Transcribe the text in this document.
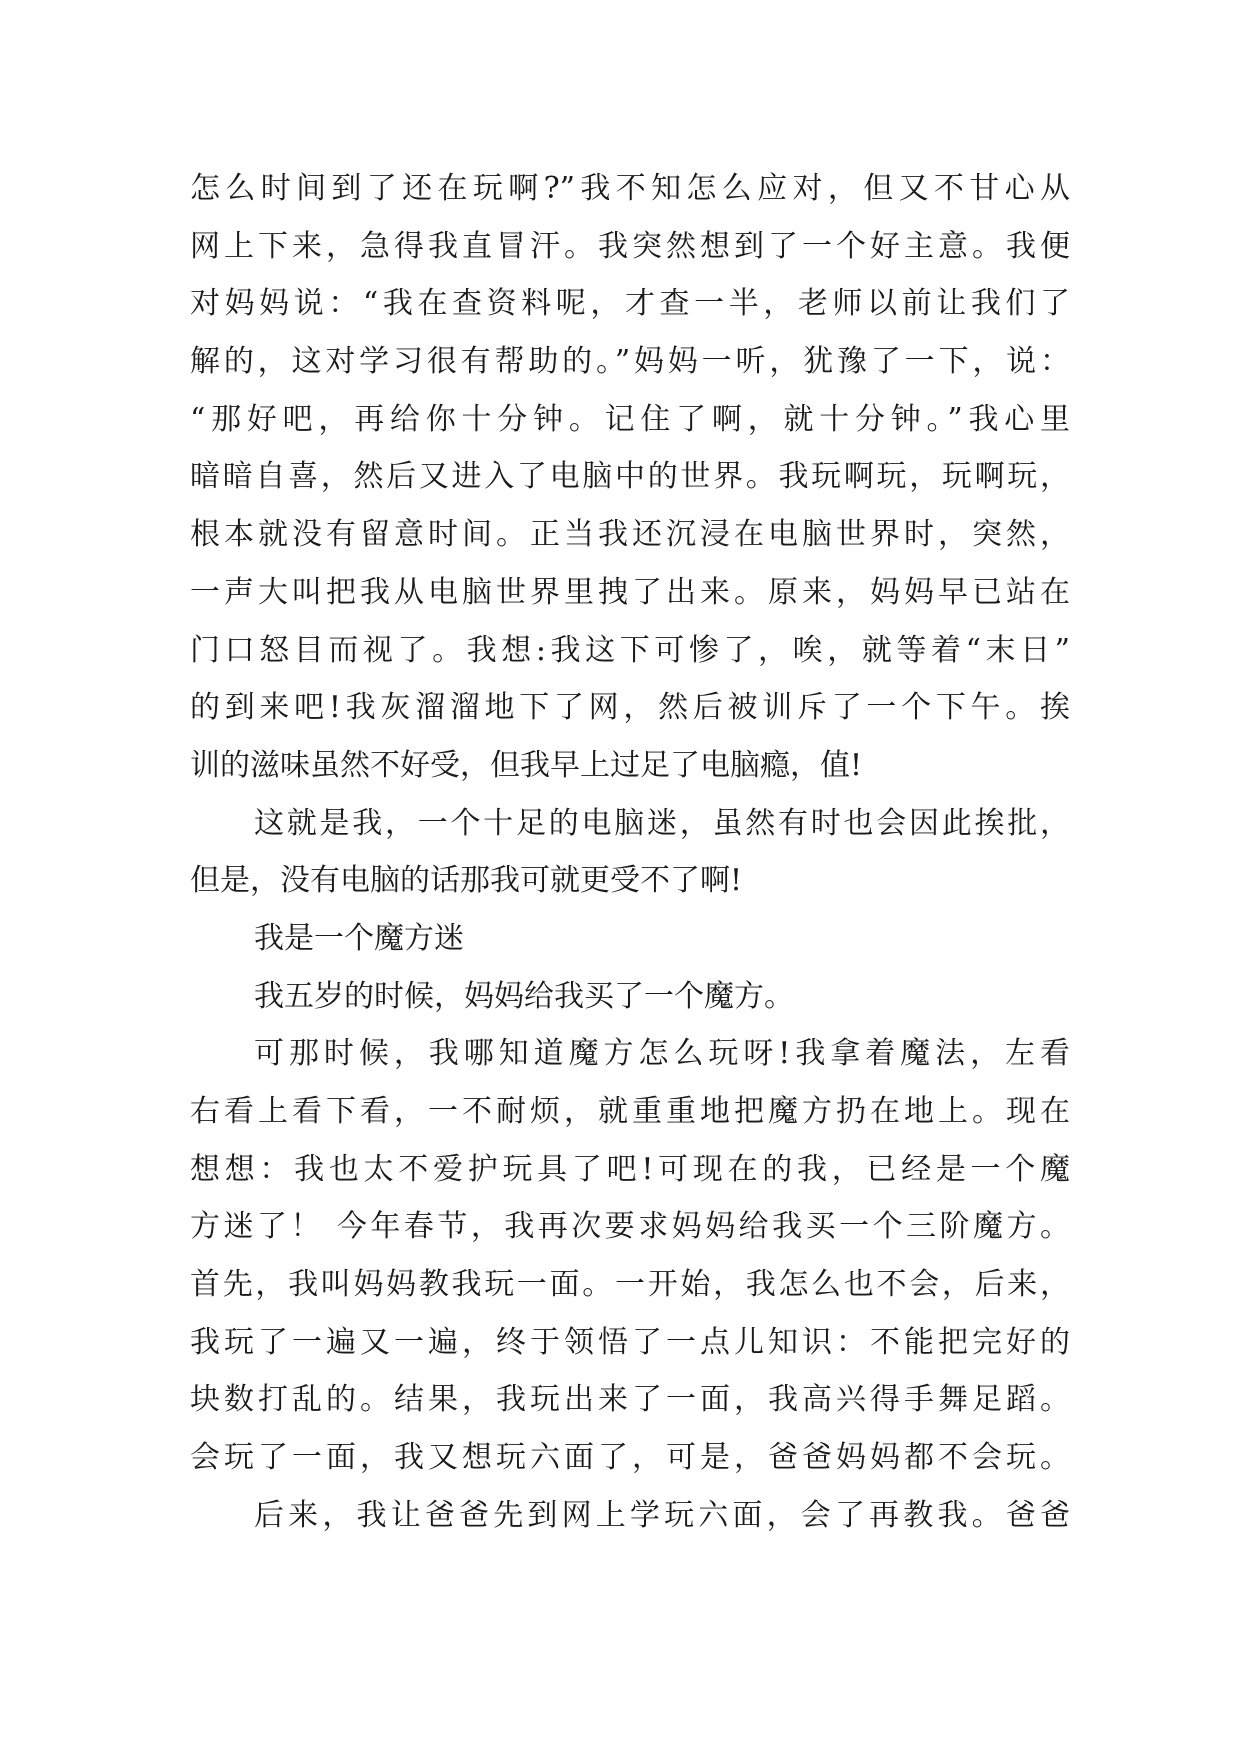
怎么时间到了还在玩啊?”我不知怎么应对，但又不甘心从
网上下来，急得我直冒汗。我突然想到了一个好主意。我便
对妈妈说：“我在查资料呢，才查一半，老师以前让我们了
解的，这对学习很有帮助的。”妈妈一听，犹豫了一下，说：
“那好吧，再给你十分钟。记住了啊，就十分钟。”我心里
暗暗自喜，然后又进入了电脑中的世界。我玩啊玩，玩啊玩，
根本就没有留意时间。正当我还沉浸在电脑世界时，突然，
一声大叫把我从电脑世界里拽了出来。原来，妈妈早已站在
门口怒目而视了。我想:我这下可惨了，唉，就等着“末日”
的到来吧!我灰溜溜地下了网，然后被训斥了一个下午。挨
训的滋味虽然不好受，但我早上过足了电脑瘾，值!
这就是我，一个十足的电脑迷，虽然有时也会因此挨批，
但是，没有电脑的话那我可就更受不了啊!
我是一个魔方迷
我五岁的时候，妈妈给我买了一个魔方。
可那时候，我哪知道魔方怎么玩呀!我拿着魔法，左看
右看上看下看，一不耐烦，就重重地把魔方扔在地上。现在
想想：我也太不爱护玩具了吧!可现在的我，已经是一个魔
方迷了！ 今年春节，我再次要求妈妈给我买一个三阶魔方。
首先，我叫妈妈教我玩一面。一开始，我怎么也不会，后来，
我玩了一遍又一遍，终于领悟了一点儿知识：不能把完好的
块数打乱的。结果，我玩出来了一面，我高兴得手舞足蹈。
会玩了一面，我又想玩六面了，可是，爸爸妈妈都不会玩。
后来，我让爸爸先到网上学玩六面，会了再教我。爸爸
